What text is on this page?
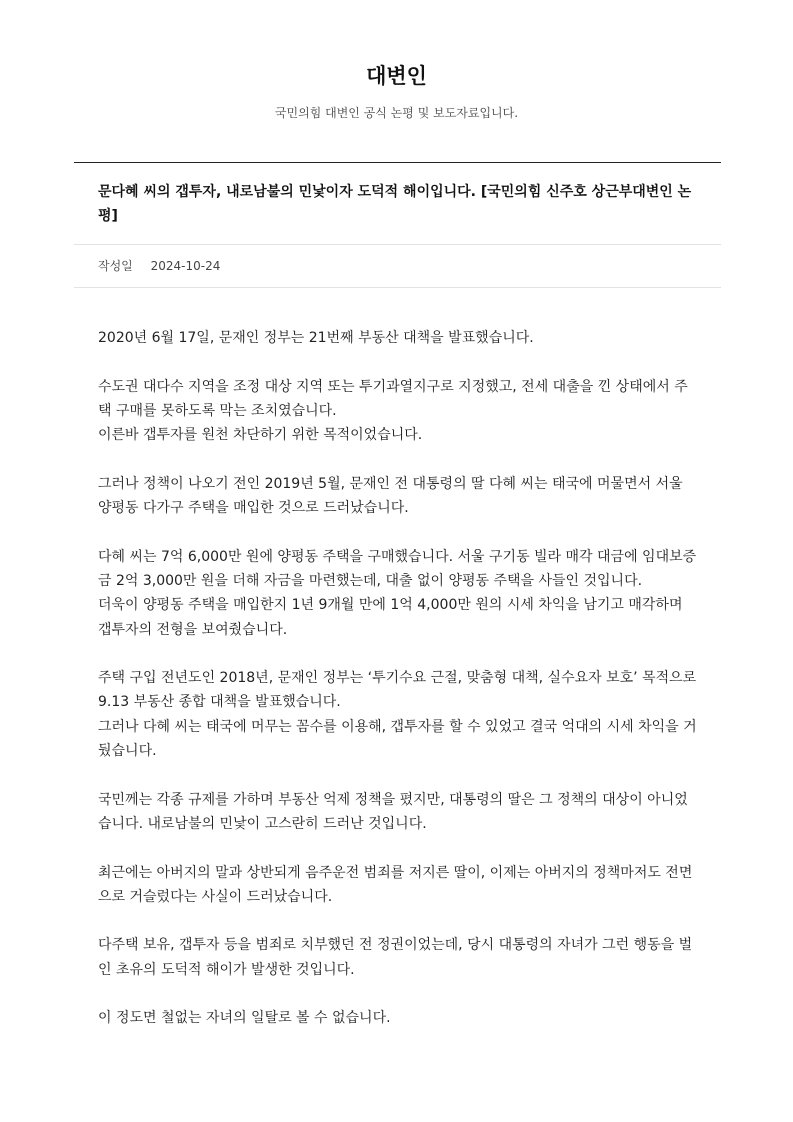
대변인
국민의힘 대변인 공식 논평 및 보도자료입니다.
문다혜 씨의 갭투자, 내로남불의 민낯이자 도덕적 해이입니다. [국민의힘 신주호 상근부대변인 논평]
작성일 2024-10-24

2020년 6월 17일, 문재인 정부는 21번째 부동산 대책을 발표했습니다.

수도권 대다수 지역을 조정 대상 지역 또는 투기과열지구로 지정했고, 전세 대출을 낀 상태에서 주택 구매를 못하도록 막는 조치였습니다.
이른바 갭투자를 원천 차단하기 위한 목적이었습니다.

그러나 정책이 나오기 전인 2019년 5월, 문재인 전 대통령의 딸 다혜 씨는 태국에 머물면서 서울 양평동 다가구 주택을 매입한 것으로 드러났습니다.

다혜 씨는 7억 6,000만 원에 양평동 주택을 구매했습니다. 서울 구기동 빌라 매각 대금에 임대보증금 2억 3,000만 원을 더해 자금을 마련했는데, 대출 없이 양평동 주택을 사들인 것입니다.
더욱이 양평동 주택을 매입한지 1년 9개월 만에 1억 4,000만 원의 시세 차익을 남기고 매각하며 갭투자의 전형을 보여줬습니다.

주택 구입 전년도인 2018년, 문재인 정부는 ‘투기수요 근절, 맞춤형 대책, 실수요자 보호’ 목적으로 9.13 부동산 종합 대책을 발표했습니다.
그러나 다혜 씨는 태국에 머무는 꼼수를 이용해, 갭투자를 할 수 있었고 결국 억대의 시세 차익을 거뒀습니다.

국민께는 각종 규제를 가하며 부동산 억제 정책을 폈지만, 대통령의 딸은 그 정책의 대상이 아니었습니다. 내로남불의 민낯이 고스란히 드러난 것입니다.

최근에는 아버지의 말과 상반되게 음주운전 범죄를 저지른 딸이, 이제는 아버지의 정책마저도 전면으로 거슬렀다는 사실이 드러났습니다.

다주택 보유, 갭투자 등을 범죄로 치부했던 전 정권이었는데, 당시 대통령의 자녀가 그런 행동을 벌인 초유의 도덕적 해이가 발생한 것입니다.

이 정도면 철없는 자녀의 일탈로 볼 수 없습니다.
